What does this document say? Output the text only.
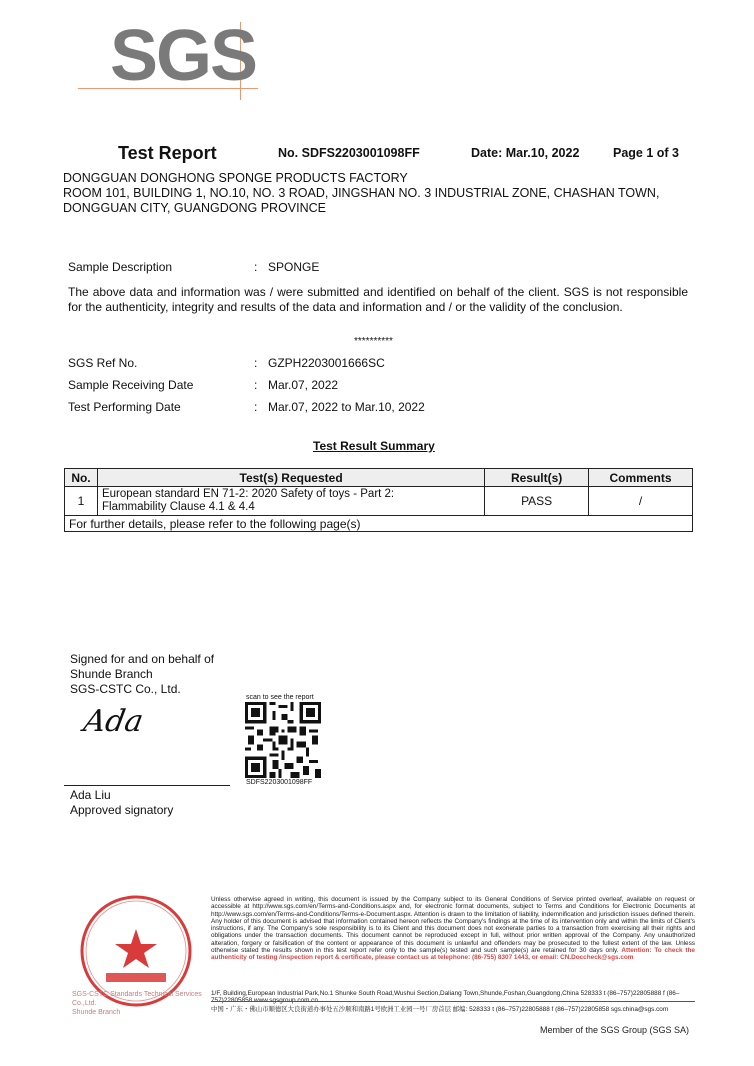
SGS
Test Report	No. SDFS2203001098FF	Date: Mar.10, 2022	Page 1 of 3
DONGGUAN DONGHONG SPONGE PRODUCTS FACTORY
ROOM 101, BUILDING 1, NO.10, NO. 3 ROAD, JINGSHAN NO. 3 INDUSTRIAL ZONE, CHASHAN TOWN,
DONGGUAN CITY, GUANGDONG PROVINCE
Sample Description	: SPONGE
The above data and information was / were submitted and identified on behalf of the client. SGS is not responsible for the authenticity, integrity and results of the data and information and / or the validity of the conclusion.
**********
SGS Ref No.	: GZPH2203001666SC
Sample Receiving Date	: Mar.07, 2022
Test Performing Date	: Mar.07, 2022 to Mar.10, 2022
Test Result Summary
No.	Test(s) Requested	Result(s)	Comments
1	European standard EN 71-2: 2020 Safety of toys - Part 2:
Flammability Clause 4.1 & 4.4	PASS	/
For further details, please refer to the following page(s)			
Signed for and on behalf of
Shunde Branch
SGS-CSTC Co., Ltd.
Ada
Ada Liu
Approved signatory
scan to see the report
SDFS2203001098FF
SGS-CSTC Standards Technical Services Co.,Ltd.
Shunde Branch
Unless otherwise agreed in writing, this document is issued by the Company subject to its General Conditions of Service printed overleaf, available on request or accessible at http://www.sgs.com/en/Terms-and-Conditions.aspx and, for electronic format documents, subject to Terms and Conditions for Electronic Documents at http://www.sgs.com/en/Terms-and-Conditions/Terms-e-Document.aspx. Attention is drawn to the limitation of liability, indemnification and jurisdiction issues defined therein. Any holder of this document is advised that information contained hereon reflects the Company's findings at the time of its intervention only and within the limits of Client's instructions, if any. The Company's sole responsibility is to its Client and this document does not exonerate parties to a transaction from exercising all their rights and obligations under the transaction documents. This document cannot be reproduced except in full, without prior written approval of the Company. Any unauthorized alteration, forgery or falsification of the content or appearance of this document is unlawful and offenders may be prosecuted to the fullest extent of the law. Unless otherwise stated the results shown in this test report refer only to the sample(s) tested and such sample(s) are retained for 30 days only. Attention: To check the authenticity of testing /inspection report & certificate, please contact us at telephone: (86-755) 8307 1443, or email: CN.Doccheck@sgs.com
1/F, Building,European Industrial Park,No.1 Shunke South Road,Wushui Section,Daliang Town,Shunde,Foshan,Guangdong,China 528333 t (86–757)22805888 f (86–
中国・广东・佛山市顺德区大良街道办事处五沙顺和南路1号欧洲工业园一号厂房首层 邮编: 528333 t (86–757)22805888 f (86–757)22805858 sgs.china@sgs.com
Member of the SGS Group (SGS SA)
